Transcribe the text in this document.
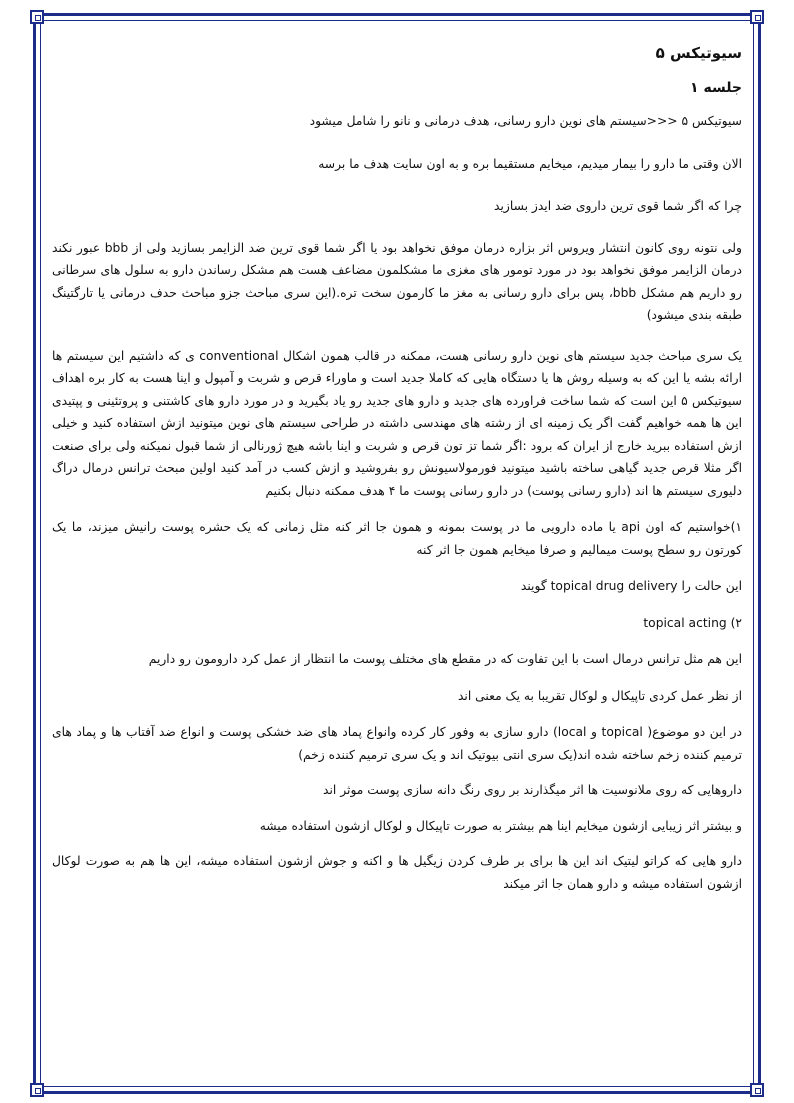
سیوتیکس ۵
جلسه ۱

سیوتیکس ۵ <<<سیستم های نوین دارو رسانی، هدف درمانی و نانو را شامل میشود

الان وقتی ما دارو را بیمار میدیم، میخایم مستقیما بره و به اون سایت هدف ما برسه

چرا که اگر شما قوی ترین داروی ضد ایدز بسازید

ولی نتونه روی کانون انتشار ویروس اثر بزاره درمان موفق نخواهد بود یا اگر شما قوی ترین ضد الزایمر بسازید ولی از bbb عبور نکند درمان الزایمر موفق نخواهد بود در مورد تومور های مغزی ما مشکلمون مضاعف هست هم مشکل رساندن دارو به سلول های سرطانی رو داریم هم مشکل bbb، پس برای دارو رسانی به مغز ما کارمون سخت تره.(این سری مباحث جزو مباحث حدف درمانی یا تارگتینگ طبقه بندی میشود)

یک سری مباحث جدید سیستم های نوین دارو رسانی هست، ممکنه در قالب همون اشکال conventional ی که داشتیم این سیستم ها ارائه بشه یا این که به وسیله روش ها یا دستگاه هایی که کاملا جدید است و ماوراء قرص و شربت و آمپول و اینا هست به کار بره اهداف سیوتیکس ۵ این است که شما ساخت فراورده های جدید و دارو های جدید رو یاد بگیرید و در مورد دارو های کاشتنی و پروتئینی و پپتیدی این ها همه خواهیم گفت اگر یک زمینه ای از رشته های مهندسی داشته در طراحی سیستم های نوین میتونید ازش استفاده کنید و خیلی ازش استفاده ببرید خارج از ایران که برود :اگر شما تز تون قرص و شربت و اینا باشه هیچ ژورنالی از شما قبول نمیکنه ولی برای صنعت اگر مثلا قرص جدید گیاهی ساخته باشید میتونید فورمولاسیونش رو بفروشید و ازش کسب در آمد کنید اولین مبحث ترانس درمال دراگ دلیوری سیستم ها اند (دارو رسانی پوست) در دارو رسانی پوست ما ۴ هدف ممکنه دنبال بکنیم

۱)خواستیم که اون api یا ماده دارویی ما در پوست بمونه و همون جا اثر کنه مثل زمانی که یک حشره پوست رانیش میزند، ما یک کورتون رو سطح پوست میمالیم و صرفا میخایم همون جا اثر کنه

این حالت را topical drug delivery گویند

۲) topical acting

این هم مثل ترانس درمال است با این تفاوت که در مقطع های مختلف پوست ما انتظار از عمل کرد دارومون رو داریم

از نظر عمل کردی تاپیکال و لوکال تقریبا به یک معنی اند

در این دو موضوع( topical و local) دارو سازی به وفور کار کرده وانواع پماد های ضد خشکی پوست و انواع ضد آفتاب ها و پماد های ترمیم کننده زخم ساخته شده اند(یک سری انتی بیوتیک اند و یک سری ترمیم کننده زخم)

داروهایی که روی ملانوسیت ها اثر میگذارند بر روی رنگ دانه سازی پوست موثر اند

و بیشتر اثر زیبایی ازشون میخایم اینا هم بیشتر به صورت تاپیکال و لوکال ازشون استفاده میشه

دارو هایی که کراتو لیتیک اند این ها برای بر طرف کردن زیگیل ها و اکنه و جوش ازشون استفاده میشه، این ها هم به صورت لوکال ازشون استفاده میشه و دارو همان جا اثر میکند
